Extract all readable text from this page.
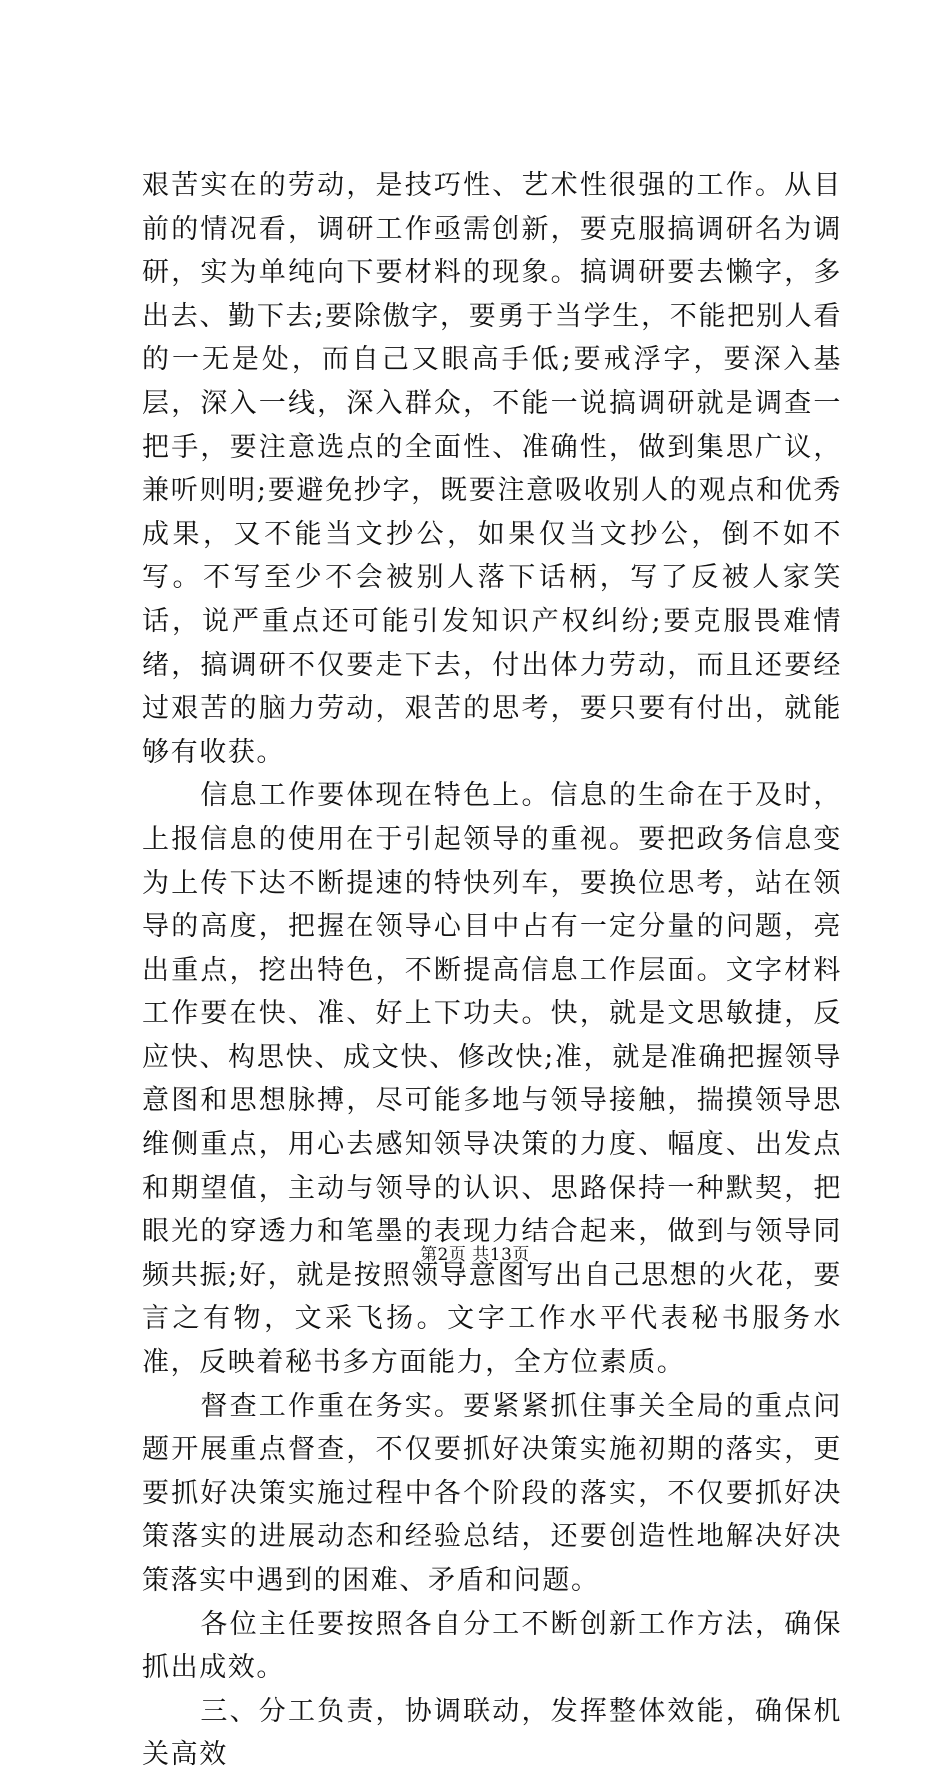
艰苦实在的劳动，是技巧性、艺术性很强的工作。从目前的情况看，调研工作亟需创新，要克服搞调研名为调研，实为单纯向下要材料的现象。搞调研要去懒字，多出去、勤下去;要除傲字，要勇于当学生，不能把别人看的一无是处，而自己又眼高手低;要戒浮字，要深入基层，深入一线，深入群众，不能一说搞调研就是调查一把手，要注意选点的全面性、准确性，做到集思广议，兼听则明;要避免抄字，既要注意吸收别人的观点和优秀成果，又不能当文抄公，如果仅当文抄公，倒不如不写。不写至少不会被别人落下话柄，写了反被人家笑话，说严重点还可能引发知识产权纠纷;要克服畏难情绪，搞调研不仅要走下去，付出体力劳动，而且还要经过艰苦的脑力劳动，艰苦的思考，要只要有付出，就能够有收获。

　　信息工作要体现在特色上。信息的生命在于及时，上报信息的使用在于引起领导的重视。要把政务信息变为上传下达不断提速的特快列车，要换位思考，站在领导的高度，把握在领导心目中占有一定分量的问题，亮出重点，挖出特色，不断提高信息工作层面。文字材料工作要在快、准、好上下功夫。快，就是文思敏捷，反应快、构思快、成文快、修改快;准，就是准确把握领导意图和思想脉搏，尽可能多地与领导接触，揣摸领导思维侧重点，用心去感知领导决策的力度、幅度、出发点和期望值，主动与领导的认识、思路保持一种默契，把眼光的穿透力和笔墨的表现力结合起来，做到与领导同频共振;好，就是按照领导意图写出自己思想的火花，要言之有物，文采飞扬。文字工作水平代表秘书服务水准，反映着秘书多方面能力，全方位素质。

　　督查工作重在务实。要紧紧抓住事关全局的重点问题开展重点督查，不仅要抓好决策实施初期的落实，更要抓好决策实施过程中各个阶段的落实，不仅要抓好决策落实的进展动态和经验总结，还要创造性地解决好决策落实中遇到的困难、矛盾和问题。

　　各位主任要按照各自分工不断创新工作方法，确保抓出成效。

　　三、分工负责，协调联动，发挥整体效能，确保机关高效

第2页 共13页
